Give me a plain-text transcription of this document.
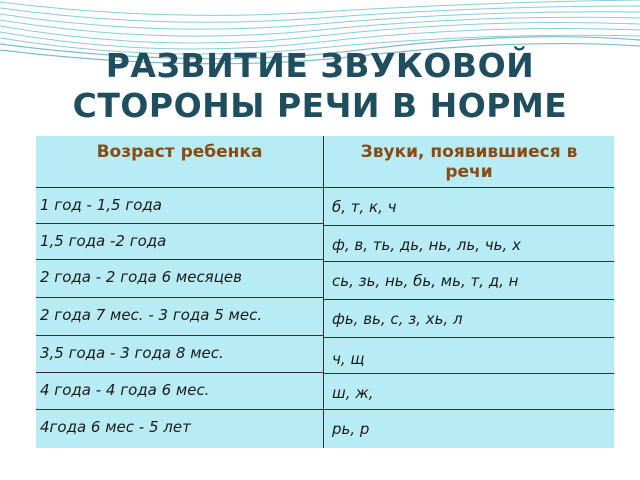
РАЗВИТИЕ ЗВУКОВОЙ
СТОРОНЫ РЕЧИ В НОРМЕ
Возраст ребенка
1 год - 1,5 года
1,5 года -2 года
2 года - 2 года 6 месяцев
2 года 7 мес. - 3 года 5 мес.
3,5 года - 3 года 8 мес.
4 года - 4 года 6 мес.
4года 6 мес - 5 лет
Звуки, появившиеся в
речи
б, т, к, ч
ф, в, ть, дь, нь, ль, чь, х
сь, зь, нь, бь, мь, т, д, н
фь, вь, с, з, хь, л
ч, щ
ш, ж,
рь, р
